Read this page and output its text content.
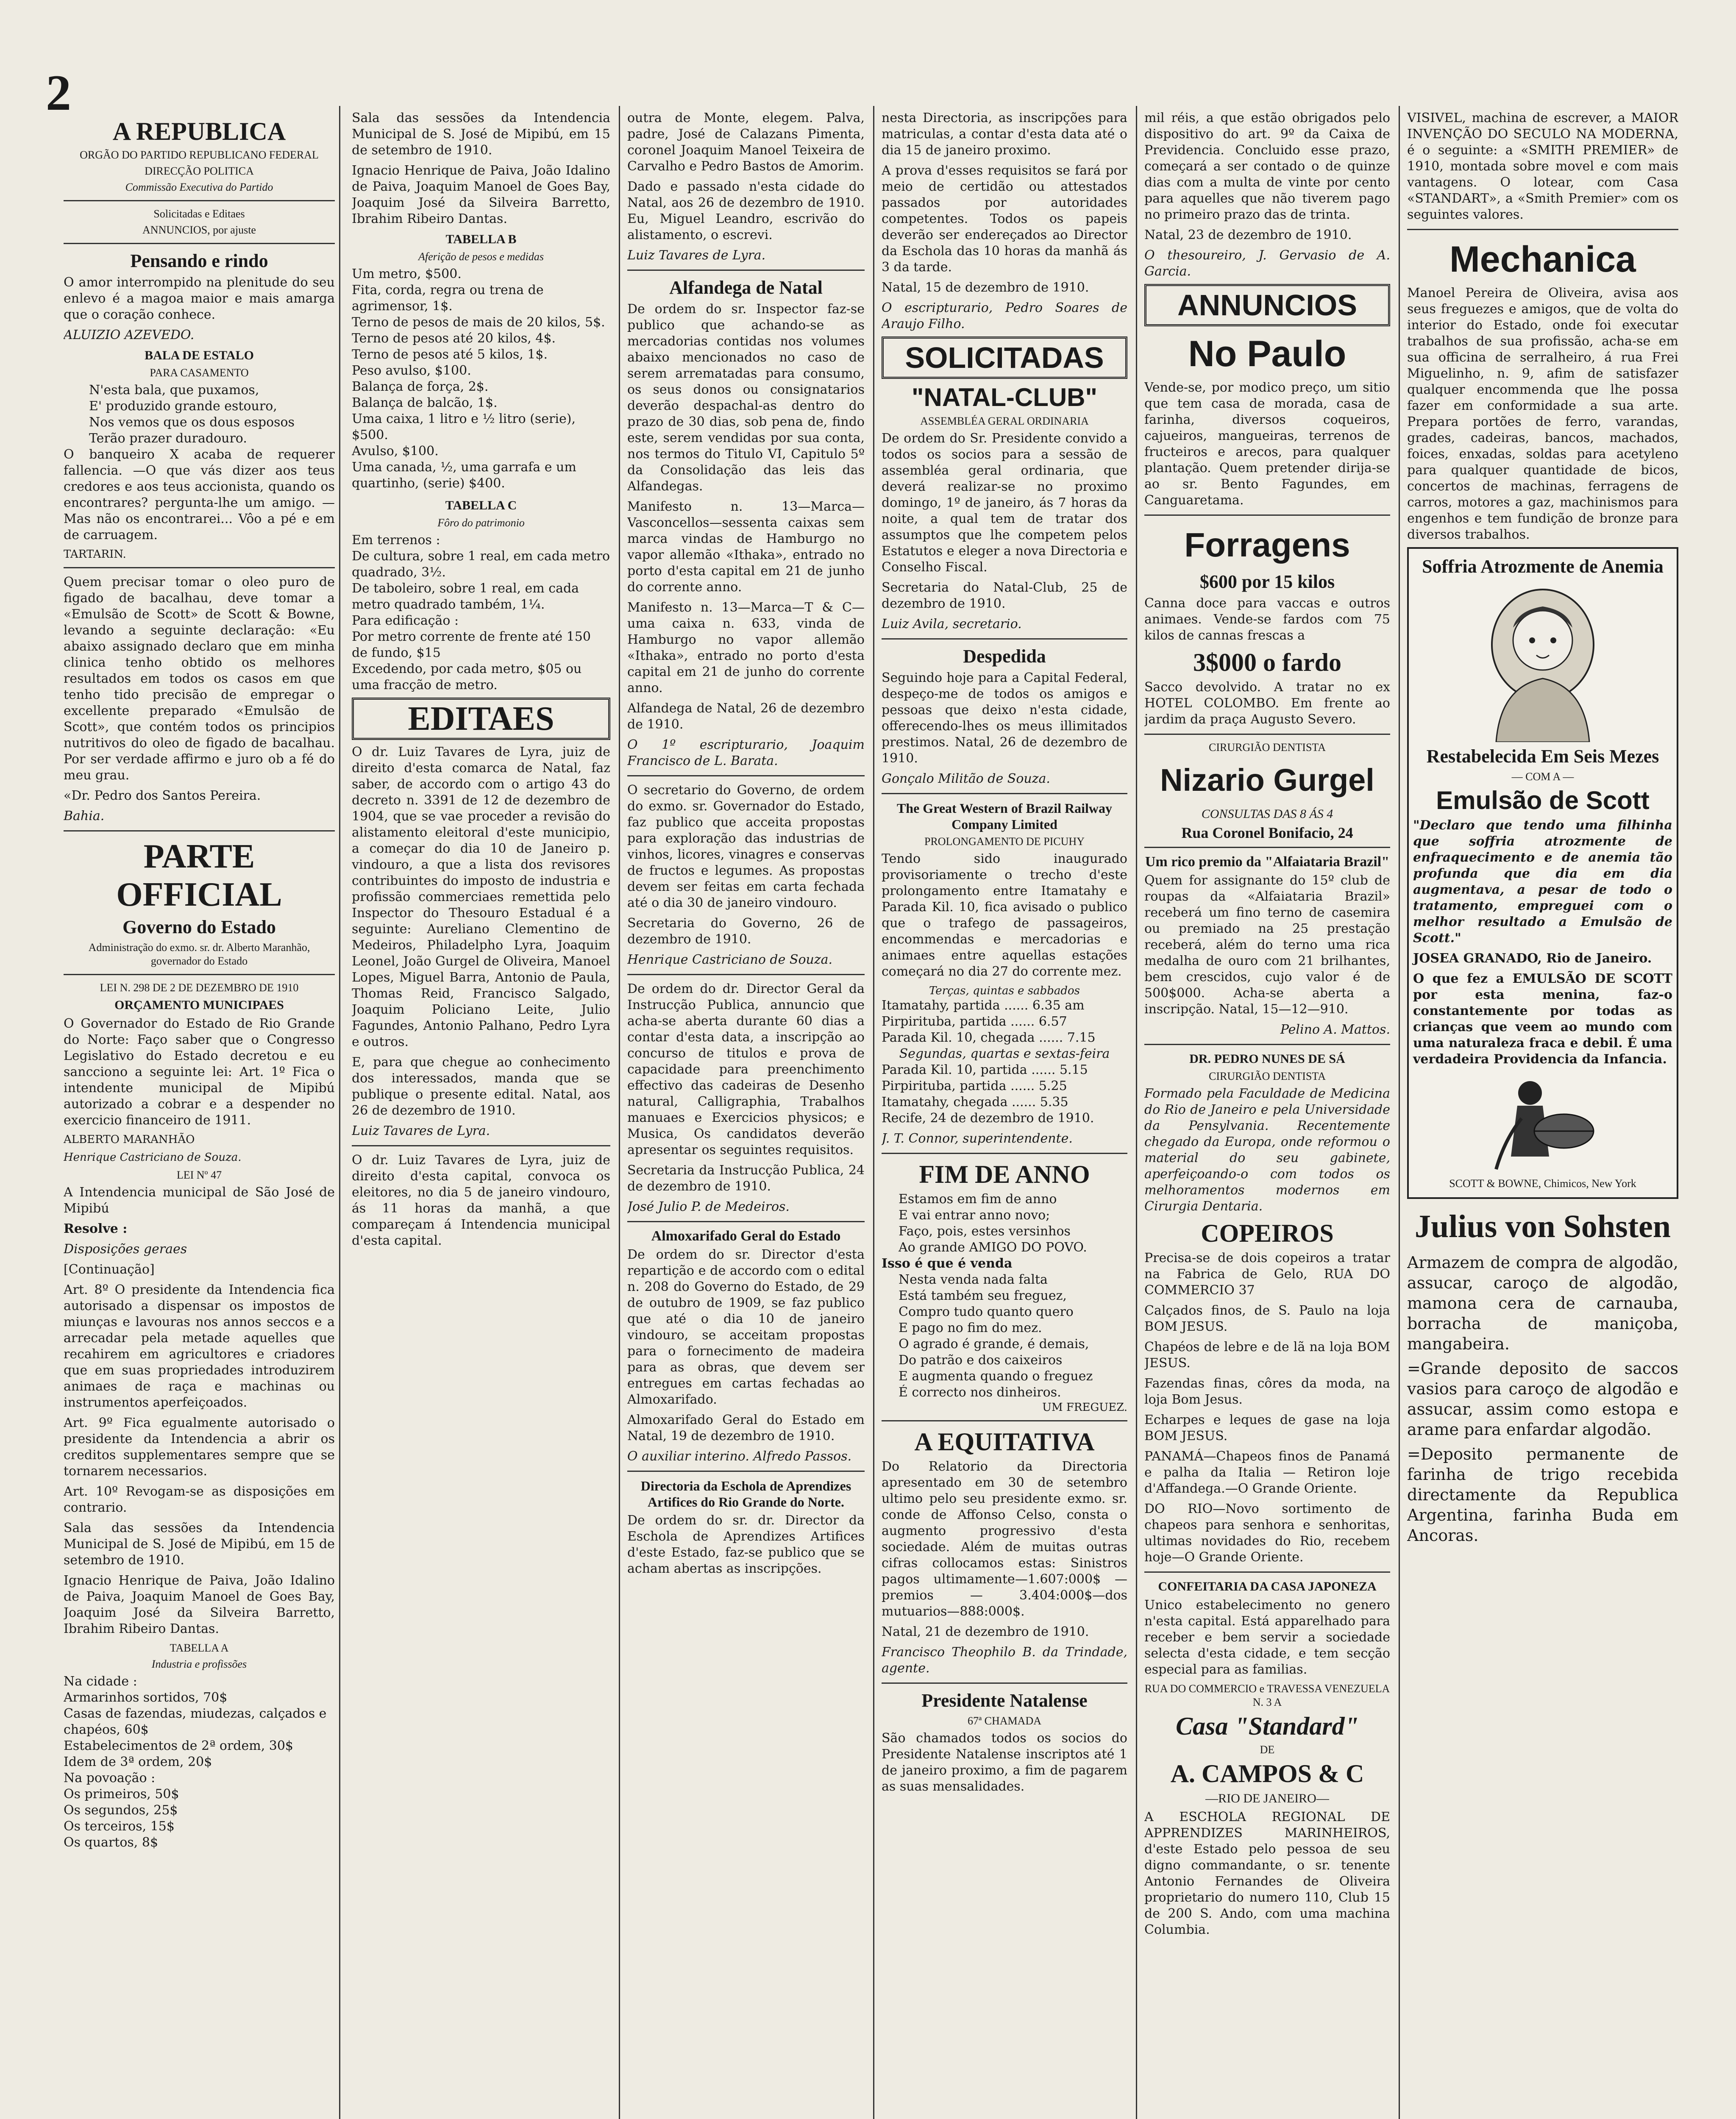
2
A REPUBLICA
ORGÃO DO PARTIDO REPUBLICANO FEDERAL
DIRECÇÃO POLITICA
Commissão Executiva do Partido
Solicitadas e Editaes
ANNUNCIOS, por ajuste
Pensando e rindo

O amor interrompido na plenitude do seu enlevo é a magoa maior e mais amarga que o coração conhece.

ALUIZIO AZEVEDO.

BALA DE ESTALO
PARA CASAMENTO
N'esta bala, que puxamos,
E' produzido grande estouro,
Nos vemos que os dous esposos
Terão prazer duradouro.

O banqueiro X acaba de requerer fallencia. —O que vás dizer aos teus credores e aos teus accionista, quando os encontrares? pergunta-lhe um amigo. —Mas não os encontrarei... Vôo a pé e em de carruagem.

TARTARIN.

Quem precisar tomar o oleo puro de figado de bacalhau, deve tomar a «Emulsão de Scott» de Scott & Bowne, levando a seguinte declaração: «Eu abaixo assignado declaro que em minha clinica tenho obtido os melhores resultados em todos os casos em que tenho tido precisão de empregar o excellente preparado «Emulsão de Scott», que contém todos os principios nutritivos do oleo de figado de bacalhau. Por ser verdade affirmo e juro ob a fé do meu grau.

«Dr. Pedro dos Santos Pereira.

Bahia.

PARTE OFFICIAL
Governo do Estado
Administração do exmo. sr. dr. Alberto Maranhão, governador do Estado
LEI N. 298 DE 2 DE DEZEMBRO DE 1910
ORÇAMENTO MUNICIPAES

O Governador do Estado de Rio Grande do Norte: Faço saber que o Congresso Legislativo do Estado decretou e eu sancciono a seguinte lei: Art. 1º Fica o intendente municipal de Mipibú autorizado a cobrar e a despender no exercicio financeiro de 1911.

ALBERTO MARANHÃO

Henrique Castriciano de Souza.

LEI Nº 47

A Intendencia municipal de São José de Mipibú

Resolve :

Disposições geraes

[Continuação]

Art. 8º O presidente da Intendencia fica autorisado a dispensar os impostos de miunças e lavouras nos annos seccos e a arrecadar pela metade aquelles que recahirem em agricultores e criadores que em suas propriedades introduzirem animaes de raça e machinas ou instrumentos aperfeiçoados.

Art. 9º Fica egualmente autorisado o presidente da Intendencia a abrir os creditos supplementares sempre que se tornarem necessarios.

Art. 10º Revogam-se as disposições em contrario.

Sala das sessões da Intendencia Municipal de S. José de Mipibú, em 15 de setembro de 1910.

Ignacio Henrique de Paiva, João Idalino de Paiva, Joaquim Manoel de Goes Bay, Joaquim José da Silveira Barretto, Ibrahim Ribeiro Dantas.

TABELLA A
Industria e profissões
Na cidade :
Armarinhos sortidos, 70$
Casas de fazendas, miudezas, calçados e chapéos, 60$
Estabelecimentos de 2ª ordem, 30$
Idem de 3ª ordem, 20$
Na povoação :
Os primeiros, 50$
Os segundos, 25$
Os terceiros, 15$
Os quartos, 8$

Sala das sessões da Intendencia Municipal de S. José de Mipibú, em 15 de setembro de 1910.

Ignacio Henrique de Paiva, João Idalino de Paiva, Joaquim Manoel de Goes Bay, Joaquim José da Silveira Barretto, Ibrahim Ribeiro Dantas.

TABELLA B
Aferição de pesos e medidas
Um metro, $500.
Fita, corda, regra ou trena de agrimensor, 1$.
Terno de pesos de mais de 20 kilos, 5$.
Terno de pesos até 20 kilos, 4$.
Terno de pesos até 5 kilos, 1$.
Peso avulso, $100.
Balança de força, 2$.
Balança de balcão, 1$.
Uma caixa, 1 litro e ½ litro (serie), $500.
Avulso, $100.
Uma canada, ½, uma garrafa e um quartinho, (serie) $400.
TABELLA C
Fôro do patrimonio
Em terrenos :
De cultura, sobre 1 real, em cada metro quadrado, 3½.
De taboleiro, sobre 1 real, em cada metro quadrado também, 1¼.
Para edificação :
Por metro corrente de frente até 150 de fundo, $15
Excedendo, por cada metro, $05 ou uma fracção de metro.
EDITAES

O dr. Luiz Tavares de Lyra, juiz de direito d'esta comarca de Natal, faz saber, de accordo com o artigo 43 do decreto n. 3391 de 12 de dezembro de 1904, que se vae proceder a revisão do alistamento eleitoral d'este municipio, a começar do dia 10 de Janeiro p. vindouro, a que a lista dos revisores contribuintes do imposto de industria e profissão commerciaes remettida pelo Inspector do Thesouro Estadual é a seguinte: Aureliano Clementino de Medeiros, Philadelpho Lyra, Joaquim Leonel, João Gurgel de Oliveira, Manoel Lopes, Miguel Barra, Antonio de Paula, Thomas Reid, Francisco Salgado, Joaquim Policiano Leite, Julio Fagundes, Antonio Palhano, Pedro Lyra e outros.

E, para que chegue ao conhecimento dos interessados, manda que se publique o presente edital. Natal, aos 26 de dezembro de 1910.

Luiz Tavares de Lyra.

O dr. Luiz Tavares de Lyra, juiz de direito d'esta capital, convoca os eleitores, no dia 5 de janeiro vindouro, ás 11 horas da manhã, a que compareçam á Intendencia municipal d'esta capital.

outra de Monte, elegem. Palva, padre, José de Calazans Pimenta, coronel Joaquim Manoel Teixeira de Carvalho e Pedro Bastos de Amorim.

Dado e passado n'esta cidade do Natal, aos 26 de dezembro de 1910. Eu, Miguel Leandro, escrivão do alistamento, o escrevi.

Luiz Tavares de Lyra.

Alfandega de Natal

De ordem do sr. Inspector faz-se publico que achando-se as mercadorias contidas nos volumes abaixo mencionados no caso de serem arrematadas para consumo, os seus donos ou consignatarios deverão despachal-as dentro do prazo de 30 dias, sob pena de, findo este, serem vendidas por sua conta, nos termos do Titulo VI, Capitulo 5º da Consolidação das leis das Alfandegas.

Manifesto n. 13—Marca—Vasconcellos—sessenta caixas sem marca vindas de Hamburgo no vapor allemão «Ithaka», entrado no porto d'esta capital em 21 de junho do corrente anno.

Manifesto n. 13—Marca—T & C—uma caixa n. 633, vinda de Hamburgo no vapor allemão «Ithaka», entrado no porto d'esta capital em 21 de junho do corrente anno.

Alfandega de Natal, 26 de dezembro de 1910.

O 1º escripturario, Joaquim Francisco de L. Barata.

O secretario do Governo, de ordem do exmo. sr. Governador do Estado, faz publico que acceita propostas para exploração das industrias de vinhos, licores, vinagres e conservas de fructos e legumes. As propostas devem ser feitas em carta fechada até o dia 30 de janeiro vindouro.

Secretaria do Governo, 26 de dezembro de 1910.

Henrique Castriciano de Souza.

De ordem do dr. Director Geral da Instrucção Publica, annuncio que acha-se aberta durante 60 dias a contar d'esta data, a inscripção ao concurso de titulos e prova de capacidade para preenchimento effectivo das cadeiras de Desenho natural, Calligraphia, Trabalhos manuaes e Exercicios physicos; e Musica, Os candidatos deverão apresentar os seguintes requisitos.

Secretaria da Instrucção Publica, 24 de dezembro de 1910.

José Julio P. de Medeiros.

Almoxarifado Geral do Estado

De ordem do sr. Director d'esta repartição e de accordo com o edital n. 208 do Governo do Estado, de 29 de outubro de 1909, se faz publico que até o dia 10 de janeiro vindouro, se acceitam propostas para o fornecimento de madeira para as obras, que devem ser entregues em cartas fechadas ao Almoxarifado.

Almoxarifado Geral do Estado em Natal, 19 de dezembro de 1910.

O auxiliar interino. Alfredo Passos.

Directoria da Eschola de Aprendizes Artifices do Rio Grande do Norte.

De ordem do sr. dr. Director da Eschola de Aprendizes Artifices d'este Estado, faz-se publico que se acham abertas as inscripções.

nesta Directoria, as inscripções para matriculas, a contar d'esta data até o dia 15 de janeiro proximo.

A prova d'esses requisitos se fará por meio de certidão ou attestados passados por autoridades competentes. Todos os papeis deverão ser endereçados ao Director da Eschola das 10 horas da manhã ás 3 da tarde.

Natal, 15 de dezembro de 1910.

O escripturario, Pedro Soares de Araujo Filho.

SOLICITADAS
"NATAL-CLUB"
ASSEMBLÉA GERAL ORDINARIA

De ordem do Sr. Presidente convido a todos os socios para a sessão de assembléa geral ordinaria, que deverá realizar-se no proximo domingo, 1º de janeiro, ás 7 horas da noite, a qual tem de tratar dos assumptos que lhe competem pelos Estatutos e eleger a nova Directoria e Conselho Fiscal.

Secretaria do Natal-Club, 25 de dezembro de 1910.

Luiz Avila, secretario.

Despedida

Seguindo hoje para a Capital Federal, despeço-me de todos os amigos e pessoas que deixo n'esta cidade, offerecendo-lhes os meus illimitados prestimos. Natal, 26 de dezembro de 1910.

Gonçalo Militão de Souza.

The Great Western of Brazil Railway Company Limited
PROLONGAMENTO DE PICUHY

Tendo sido inaugurado provisoriamente o trecho d'este prolongamento entre Itamatahy e Parada Kil. 10, fica avisado o publico que o trafego de passageiros, encommendas e mercadorias e animaes entre aquellas estações começará no dia 27 do corrente mez.

Terças, quintas e sabbados
Itamatahy, partida ...... 6.35 am
Pirpirituba, partida ...... 6.57
Parada Kil. 10, chegada ...... 7.15
Segundas, quartas e sextas-feira
Parada Kil. 10, partida ...... 5.15
Pirpirituba, partida ...... 5.25
Itamatahy, chegada ...... 5.35

Recife, 24 de dezembro de 1910.

J. T. Connor, superintendente.

FIM DE ANNO
Estamos em fim de anno
E vai entrar anno novo;
Faço, pois, estes versinhos
Ao grande AMIGO DO POVO.
Isso é que é venda
Nesta venda nada falta
Está também seu freguez,
Compro tudo quanto quero
E pago no fim do mez.
O agrado é grande, é demais,
Do patrão e dos caixeiros
E augmenta quando o freguez
É correcto nos dinheiros.

UM FREGUEZ.

A EQUITATIVA

Do Relatorio da Directoria apresentado em 30 de setembro ultimo pelo seu presidente exmo. sr. conde de Affonso Celso, consta o augmento progressivo d'esta sociedade. Além de muitas outras cifras collocamos estas: Sinistros pagos ultimamente—1.607:000$ — premios — 3.404:000$—dos mutuarios—888:000$.

Natal, 21 de dezembro de 1910.

Francisco Theophilo B. da Trindade, agente.

Presidente Natalense
67ª CHAMADA

São chamados todos os socios do Presidente Natalense inscriptos até 1 de janeiro proximo, a fim de pagarem as suas mensalidades.

mil réis, a que estão obrigados pelo dispositivo do art. 9º da Caixa de Previdencia. Concluido esse prazo, começará a ser contado o de quinze dias com a multa de vinte por cento para aquelles que não tiverem pago no primeiro prazo das de trinta.

Natal, 23 de dezembro de 1910.

O thesoureiro, J. Gervasio de A. Garcia.

ANNUNCIOS
No Paulo

Vende-se, por modico preço, um sitio que tem casa de morada, casa de farinha, diversos coqueiros, cajueiros, mangueiras, terrenos de fructeiros e arecos, para qualquer plantação. Quem pretender dirija-se ao sr. Bento Fagundes, em Canguaretama.

Forragens
$600 por 15 kilos

Canna doce para vaccas e outros animaes. Vende-se fardos com 75 kilos de cannas frescas a

3$000 o fardo

Sacco devolvido. A tratar no ex HOTEL COLOMBO. Em frente ao jardim da praça Augusto Severo.

CIRURGIÃO DENTISTA
Nizario Gurgel
CONSULTAS DAS 8 ÁS 4
Rua Coronel Bonifacio, 24
Um rico premio da "Alfaiataria Brazil"

Quem for assignante do 15º club de roupas da «Alfaiataria Brazil» receberá um fino terno de casemira ou premiado na 25 prestação receberá, além do terno uma rica medalha de ouro com 21 brilhantes, bem crescidos, cujo valor é de 500$000. Acha-se aberta a inscripção. Natal, 15—12—910.

Pelino A. Mattos.

DR. PEDRO NUNES DE SÁ
CIRURGIÃO DENTISTA

Formado pela Faculdade de Medicina do Rio de Janeiro e pela Universidade da Pensylvania. Recentemente chegado da Europa, onde reformou o material do seu gabinete, aperfeiçoando-o com todos os melhoramentos modernos em Cirurgia Dentaria.

COPEIROS

Precisa-se de dois copeiros a tratar na Fabrica de Gelo, RUA DO COMMERCIO 37

Calçados finos, de S. Paulo na loja BOM JESUS.

Chapéos de lebre e de lã na loja BOM JESUS.

Fazendas finas, côres da moda, na loja Bom Jesus.

Echarpes e leques de gase na loja BOM JESUS.

PANAMÁ—Chapeos finos de Panamá e palha da Italia — Retiron loje d'Affandega.—O Grande Oriente.

DO RIO—Novo sortimento de chapeos para senhora e senhoritas, ultimas novidades do Rio, recebem hoje—O Grande Oriente.

CONFEITARIA DA CASA JAPONEZA

Unico estabelecimento no genero n'esta capital. Está apparelhado para receber e bem servir a sociedade selecta d'esta cidade, e tem secção especial para as familias.

RUA DO COMMERCIO e TRAVESSA VENEZUELA N. 3 A
Casa "Standard"
DE
A. CAMPOS & C
—RIO DE JANEIRO—

A ESCHOLA REGIONAL DE APPRENDIZES MARINHEIROS, d'este Estado pelo pessoa de seu digno commandante, o sr. tenente Antonio Fernandes de Oliveira proprietario do numero 110, Club 15 de 200 S. Ando, com uma machina Columbia.

VISIVEL, machina de escrever, a MAIOR INVENÇÃO DO SECULO NA MODERNA, é o seguinte: a «SMITH PREMIER» de 1910, montada sobre movel e com mais vantagens. O lotear, com Casa «STANDART», a «Smith Premier» com os seguintes valores.

Mechanica

Manoel Pereira de Oliveira, avisa aos seus freguezes e amigos, que de volta do interior do Estado, onde foi executar trabalhos de sua profissão, acha-se em sua officina de serralheiro, á rua Frei Miguelinho, n. 9, afim de satisfazer qualquer encommenda que lhe possa fazer em conformidade a sua arte. Prepara portões de ferro, varandas, grades, cadeiras, bancos, machados, foices, enxadas, soldas para acetyleno para qualquer quantidade de bicos, concertos de machinas, ferragens de carros, motores a gaz, machinismos para engenhos e tem fundição de bronze para diversos trabalhos.

Soffria Atrozmente de Anemia
Restabelecida Em Seis Mezes
— COM A —
Emulsão de Scott

"Declaro que tendo uma filhinha que soffria atrozmente de enfraquecimento e de anemia tão profunda que dia em dia augmentava, a pesar de todo o tratamento, empreguei com o melhor resultado a Emulsão de Scott."

JOSEA GRANADO, Rio de Janeiro.

O que fez a EMULSÃO DE SCOTT por esta menina, faz-o constantemente por todas as crianças que veem ao mundo com uma naturaleza fraca e debil. É uma verdadeira Providencia da Infancia.

SCOTT & BOWNE, Chimicos, New York
Julius von Sohsten

Armazem de compra de algodão, assucar, caroço de algodão, mamona cera de carnauba, borracha de maniçoba, mangabeira.

=Grande deposito de saccos vasios para caroço de algodão e assucar, assim como estopa e arame para enfardar algodão.

=Deposito permanente de farinha de trigo recebida directamente da Republica Argentina, farinha Buda em Ancoras.
